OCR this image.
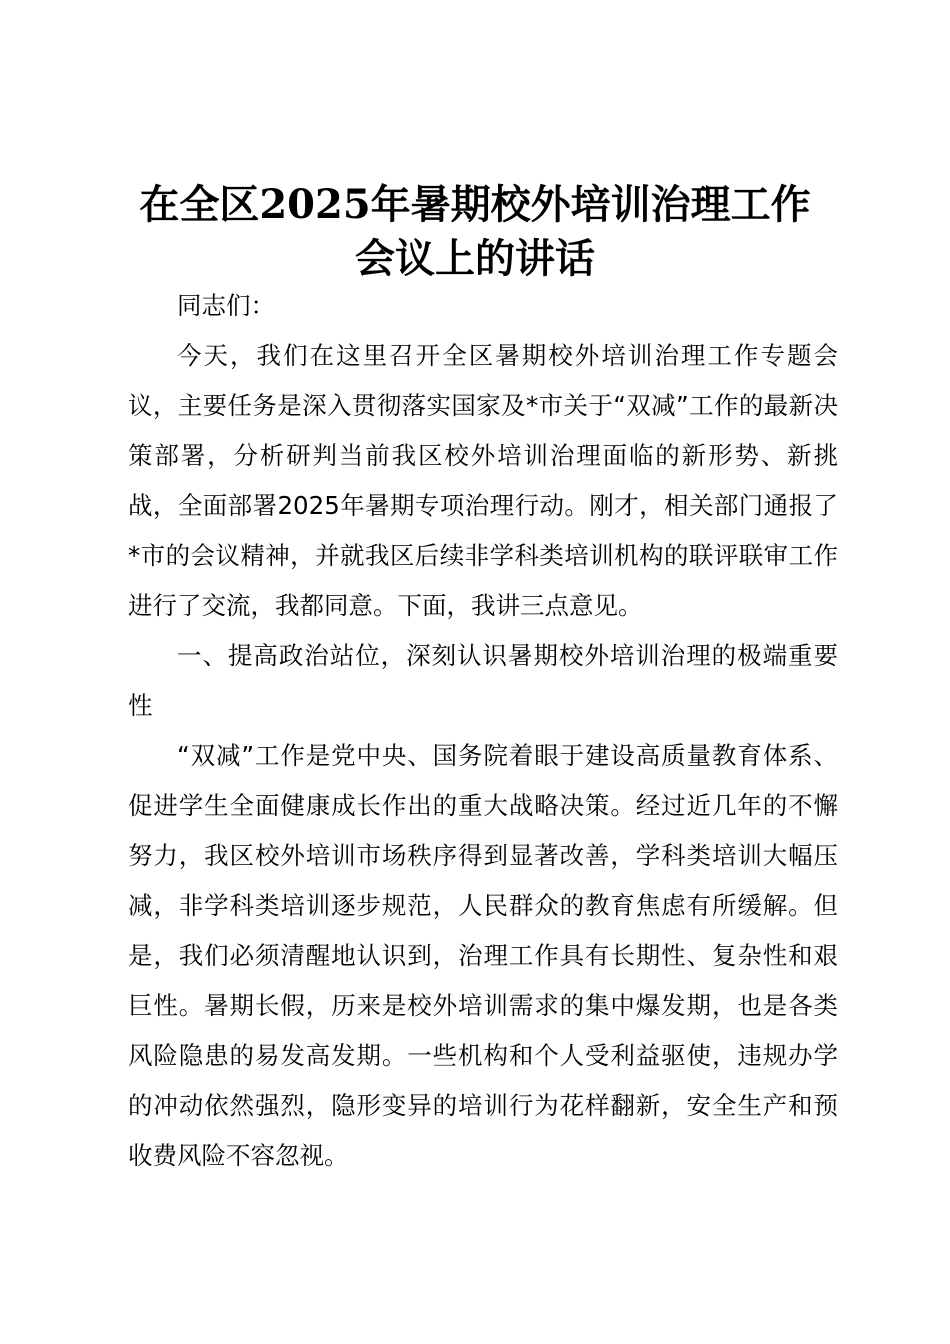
在全区2025年暑期校外培训治理工作
会议上的讲话

同志们：

今天，我们在这里召开全区暑期校外培训治理工作专题会议，主要任务是深入贯彻落实国家及*市关于“双减”工作的最新决策部署，分析研判当前我区校外培训治理面临的新形势、新挑战，全面部署2025年暑期专项治理行动。刚才，相关部门通报了*市的会议精神，并就我区后续非学科类培训机构的联评联审工作进行了交流，我都同意。下面，我讲三点意见。

一、提高政治站位，深刻认识暑期校外培训治理的极端重要性

“双减”工作是党中央、国务院着眼于建设高质量教育体系、促进学生全面健康成长作出的重大战略决策。经过近几年的不懈努力，我区校外培训市场秩序得到显著改善，学科类培训大幅压减，非学科类培训逐步规范，人民群众的教育焦虑有所缓解。但是，我们必须清醒地认识到，治理工作具有长期性、复杂性和艰巨性。暑期长假，历来是校外培训需求的集中爆发期，也是各类风险隐患的易发高发期。一些机构和个人受利益驱使，违规办学的冲动依然强烈，隐形变异的培训行为花样翻新，安全生产和预收费风险不容忽视。
